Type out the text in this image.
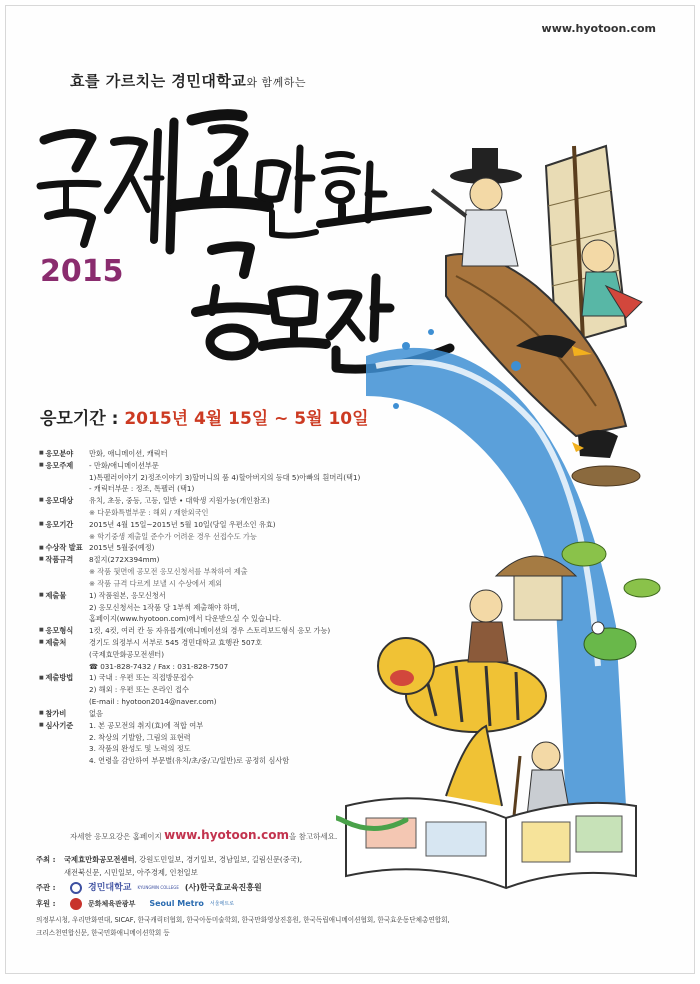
www.hyotoon.com
효를 가르치는 경민대학교와 함께하는
2015
응모기간 : 2015년 4월 15일 ~ 5월 10일
■ 응모분야	만화, 애니메이션, 캐릭터
■ 응모주제	- 만화/애니메이션부문
1)톡펠러이야기 2)정조이야기 3)할머니의 품 4)할아버지의 등대 5)아빠의 흰머리(택1)
- 캐릭터부문 : 정조, 톡펠러 (택1)
■ 응모대상	유치, 초등, 중등, 고등, 일반 • 대학생 지원가능(개인참조)
※ 다문화특별부문 : 해외 / 재한외국인
■ 응모기간	2015년 4월 15일~2015년 5월 10일(당일 우편소인 유효)
※ 학기중생 제출일 준수가 어려운 경우 선접수도 가능
■ 수상작 발표 2015년 5월중(예정)
■ 작품규격	8절지(272X394mm)
※ 작품 뒷면에 공모전 응모신청서를 부착하여 제출
※ 작품 규격 다르게 보낼 시 수상에서 제외
■ 제출물	1) 작품원본, 응모신청서
2) 응모신청서는 1작품 당 1부씩 제출해야 하며,
홈페이지(www.hyotoon.com)에서 다운받으실 수 있습니다.
■ 응모형식	1컷, 4컷, 여러 칸 등 자유롭게(애니메이션의 경우 스토리보드형식 응모 가능)
■ 제출처	경기도 의정부시 서부로 545 경민대학교 효행관 507호
(국제효만화공모전센터)
☎ 031-828-7432 / Fax : 031-828-7507
■ 제출방법	1) 국내 : 우편 또는 직접방문접수
2) 해외 : 우편 또는 온라인 접수
(E-mail : hyotoon2014@naver.com)
■ 참가비	없음
■ 심사기준	1. 본 공모전의 취지(효)에 적합 여부
2. 착상의 기발함, 그림의 표현력
3. 작품의 완성도 및 노력의 정도
4. 연령을 감안하여 부문별(유치/초/중/고/일반)로 공정히 심사함
자세한 응모요강은 홈페이지 www.hyotoon.com을 참고하세요.
주최 : 국제효만화공모전센터, 강원도민일보, 경기일보, 경남일보, 길림신문(중국),
새전북신문, 시민일보, 아주경제, 인천일보
주관 :	경민대학교 KYUNGMIN COLLEGE (사)한국효교육진흥원
후원 :	문화체육관광부 Seoul Metro 서울메트로
의정부시청, 우리만화연대, SICAF, 한국캐릭터협회, 한국아동미술학회, 한국만화영상진흥원, 한국독립애니메이션협회, 한국효운동단체총연합회,
크리스천연합신문, 한국민화애니메이션학회 등
